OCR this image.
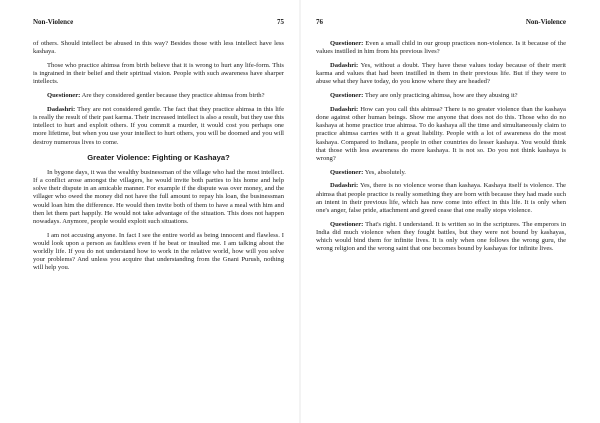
Non-Violence	75

of others. Should intellect be abused in this way? Besides those with less intellect have less kashaya.

Those who practice ahimsa from birth believe that it is wrong to hurt any life-form. This is ingrained in their belief and their spiritual vision. People with such awareness have sharper intellects.

Questioner: Are they considered gentler because they practice ahimsa from birth?

Dadashri: They are not considered gentle. The fact that they practice ahimsa in this life is really the result of their past karma. Their increased intellect is also a result, but they use this intellect to hurt and exploit others. If you commit a murder, it would cost you perhaps one more lifetime, but when you use your intellect to hurt others, you will be doomed and you will destroy numerous lives to come.

Greater Violence: Fighting or Kashaya?

In bygone days, it was the wealthy businessman of the village who had the most intellect. If a conflict arose amongst the villagers, he would invite both parties to his home and help solve their dispute in an amicable manner. For example if the dispute was over money, and the villager who owed the money did not have the full amount to repay his loan, the businessman would loan him the difference. He would then invite both of them to have a meal with him and then let them part happily. He would not take advantage of the situation. This does not happen nowadays. Anymore, people would exploit such situations.

I am not accusing anyone. In fact I see the entire world as being innocent and flawless. I would look upon a person as faultless even if he beat or insulted me. I am talking about the worldly life. If you do not understand how to work in the relative world, how will you solve your problems? And unless you acquire that understanding from the Gnani Purush, nothing will help you.

76	Non-Violence

Questioner: Even a small child in our group practices non-violence. Is it because of the values instilled in him from his previous lives?

Dadashri: Yes, without a doubt. They have these values today because of their merit karma and values that had been instilled in them in their previous life. But if they were to abuse what they have today, do you know where they are headed?

Questioner: They are only practicing ahimsa, how are they abusing it?

Dadashri: How can you call this ahimsa? There is no greater violence than the kashaya done against other human beings. Show me anyone that does not do this. Those who do no kashaya at home practice true ahimsa. To do kashaya all the time and simultaneously claim to practice ahimsa carries with it a great liability. People with a lot of awareness do the most kashaya. Compared to Indians, people in other countries do lesser kashaya. You would think that those with less awareness do more kashaya. It is not so. Do you not think kashaya is wrong?

Questioner: Yes, absolutely.

Dadashri: Yes, there is no violence worse than kashaya. Kashaya itself is violence. The ahimsa that people practice is really something they are born with because they had made such an intent in their previous life, which has now come into effect in this life. It is only when one's anger, false pride, attachment and greed cease that one really stops violence.

Questioner: That's right. I understand. It is written so in the scriptures. The emperors in India did much violence when they fought battles, but they were not bound by kashayas, which would bind them for infinite lives. It is only when one follows the wrong guru, the wrong religion and the wrong saint that one becomes bound by kashayas for infinite lives.
